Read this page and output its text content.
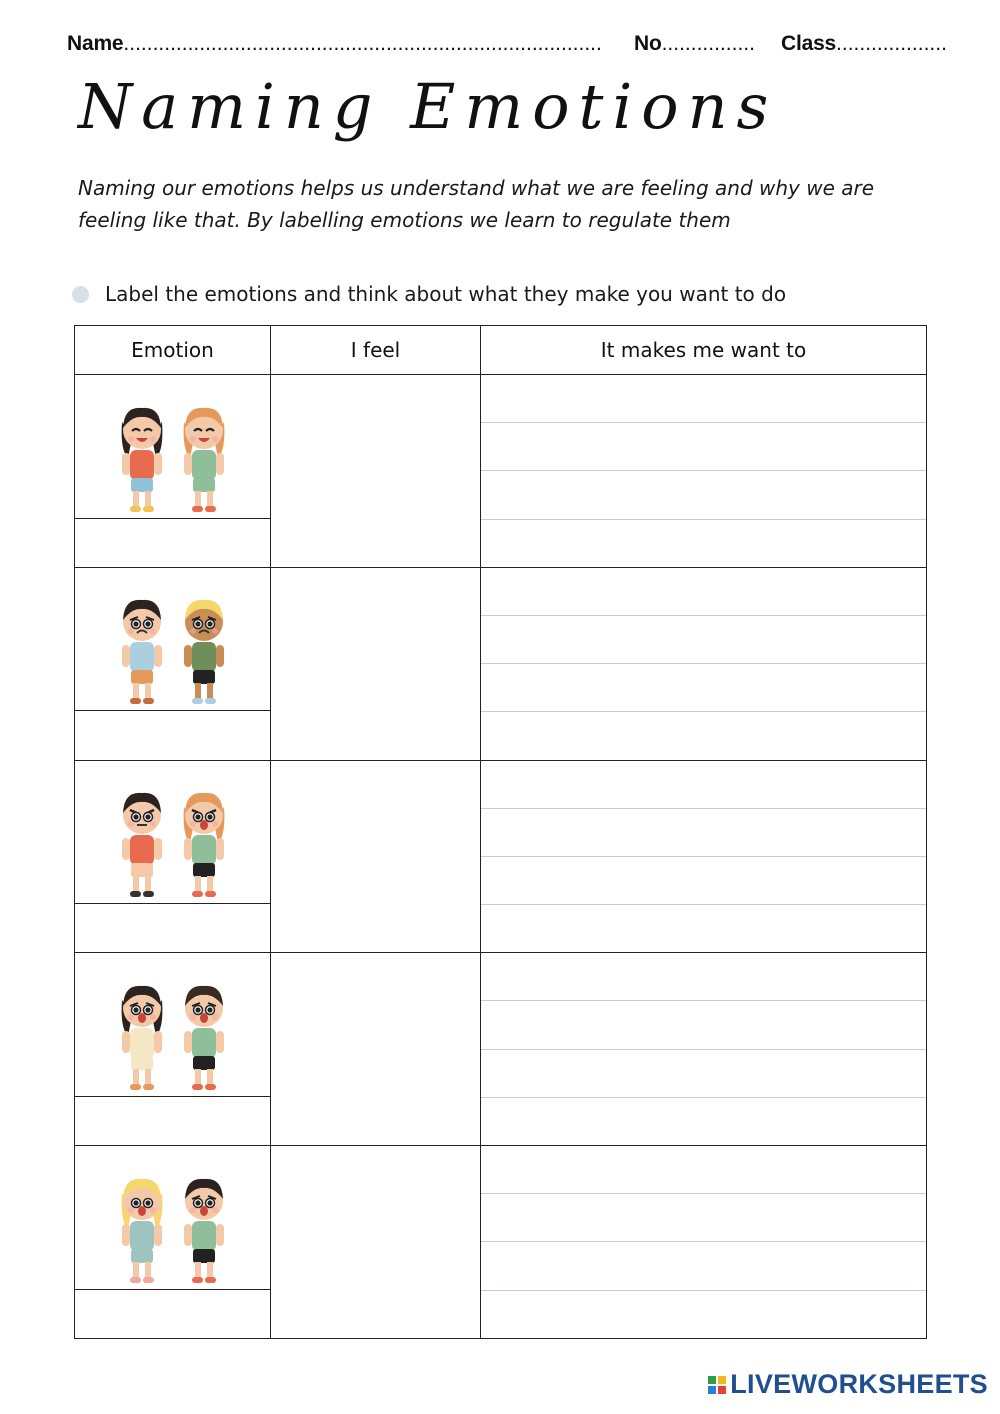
Name.................................................................................. No................ Class...................
Naming Emotions
Naming our emotions helps us understand what we are feeling and why we are feeling like that. By labelling emotions we learn to regulate them
Label the emotions and think about what they make you want to do
Emotion	I feel	It makes me want to

LIVEWORKSHEETS
